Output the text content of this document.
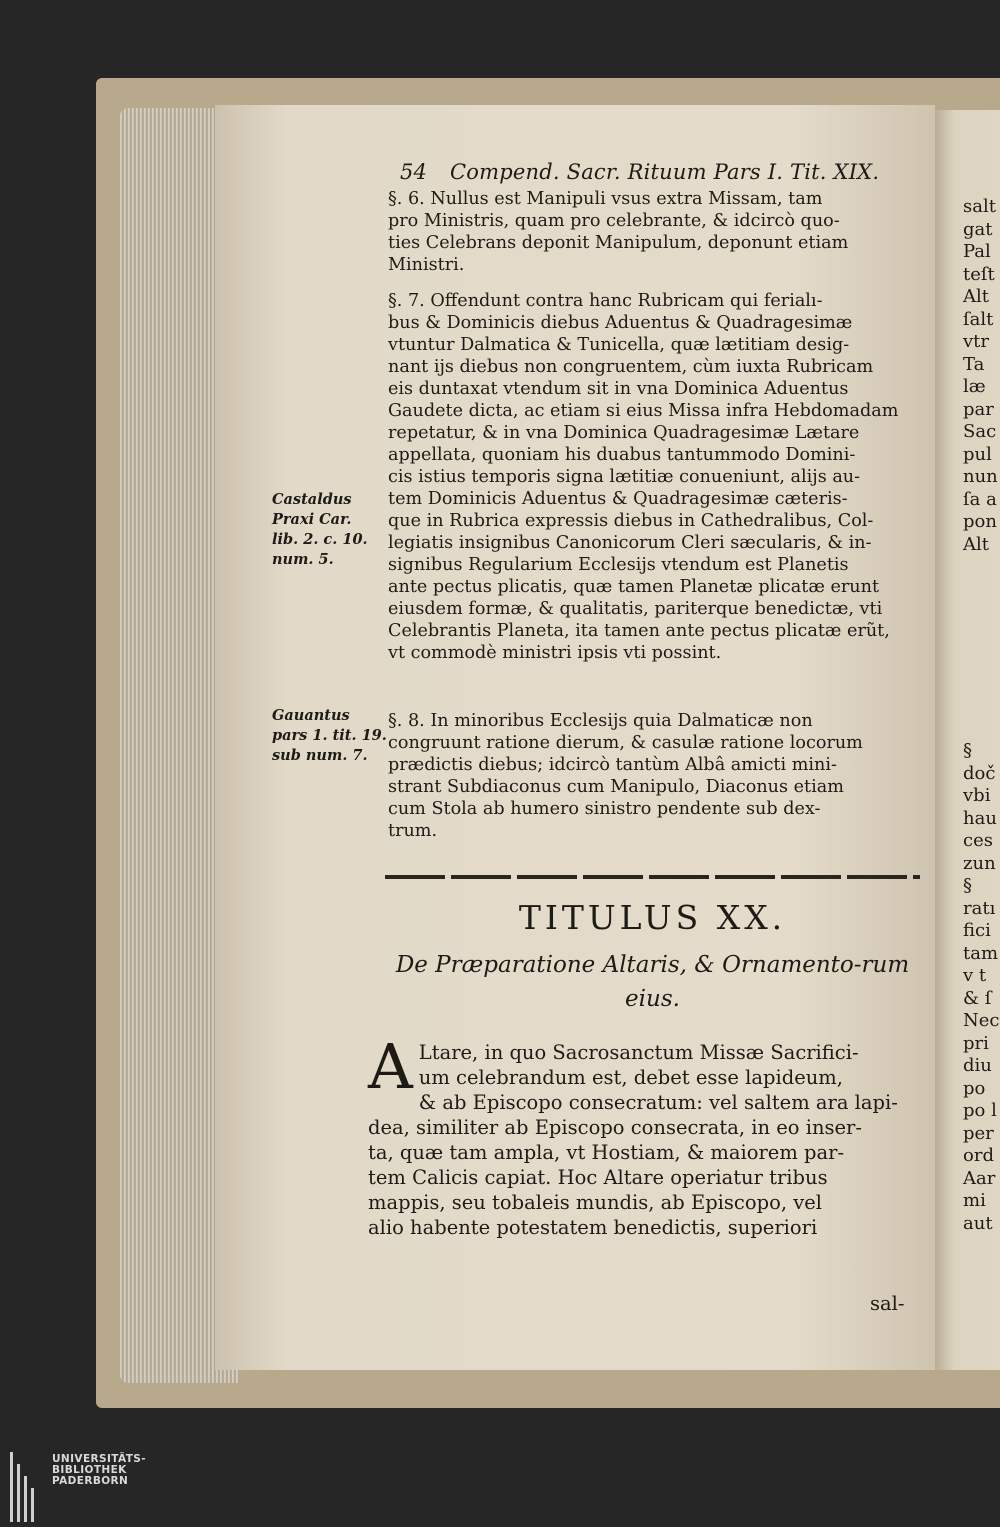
salt
gat
Pal
teſt
Alt
ſalt
vtr
Ta
læ
par
Sac
pul
nun
ſa a
pon
Alt
§
doč
vbi
hau
ces
zun
§
ratı
fici
tam
v t
& ſ
Nec
pri
diu
po
po l
per
ord
Aar
mi
aut
54 Compend. Sacr. Rituum Pars I. Tit. XIX.
§. 6. Nullus est Manipuli vsus extra Missam, tam
pro Ministris, quam pro celebrante, & idcircò quo-
ties Celebrans deponit Manipulum, deponunt etiam
Ministri.
§. 7. Offendunt contra hanc Rubricam qui ferialı-
bus & Dominicis diebus Aduentus & Quadragesimæ
vtuntur Dalmatica & Tunicella, quæ lætitiam desig-
nant ijs diebus non congruentem, cùm iuxta Rubricam
eis duntaxat vtendum sit in vna Dominica Aduentus
Gaudete dicta, ac etiam si eius Missa infra Hebdomadam
repetatur, & in vna Dominica Quadragesimæ Lætare
appellata, quoniam his duabus tantummodo Domini-
cis istius temporis signa lætitiæ conueniunt, alijs au-
tem Dominicis Aduentus & Quadragesimæ cæteris-
que in Rubrica expressis diebus in Cathedralibus, Col-
legiatis insignibus Canonicorum Cleri sæcularis, & in-
signibus Regularium Ecclesijs vtendum est Planetis
ante pectus plicatis, quæ tamen Planetæ plicatæ erunt
eiusdem formæ, & qualitatis, pariterque benedictæ, vti
Celebrantis Planeta, ita tamen ante pectus plicatæ erũt,
vt commodè ministri ipsis vti possint.
§. 8. In minoribus Ecclesijs quia Dalmaticæ non
congruunt ratione dierum, & casulæ ratione locorum
prædictis diebus; idcircò tantùm Albâ amicti mini-
strant Subdiaconus cum Manipulo, Diaconus etiam
cum Stola ab humero sinistro pendente sub dex-
trum.
Castaldus
Praxi Car.
lib. 2. c. 10.
num. 5.
Gauantus
pars 1. tit. 19.
sub num. 7.
TITULUS XX.
De Præparatione Altaris, & Ornamento-rum eius.
A Ltare, in quo Sacrosanctum Missæ Sacrifici-
um celebrandum est, debet esse lapideum,
& ab Episcopo consecratum: vel saltem ara lapi-
dea, similiter ab Episcopo consecrata, in eo inser-
ta, quæ tam ampla, vt Hostiam, & maiorem par-
tem Calicis capiat. Hoc Altare operiatur tribus
mappis, seu tobaleis mundis, ab Episcopo, vel
alio habente potestatem benedictis, superiori
sal-
UNIVERSITÄTS-
BIBLIOTHEK
PADERBORN
